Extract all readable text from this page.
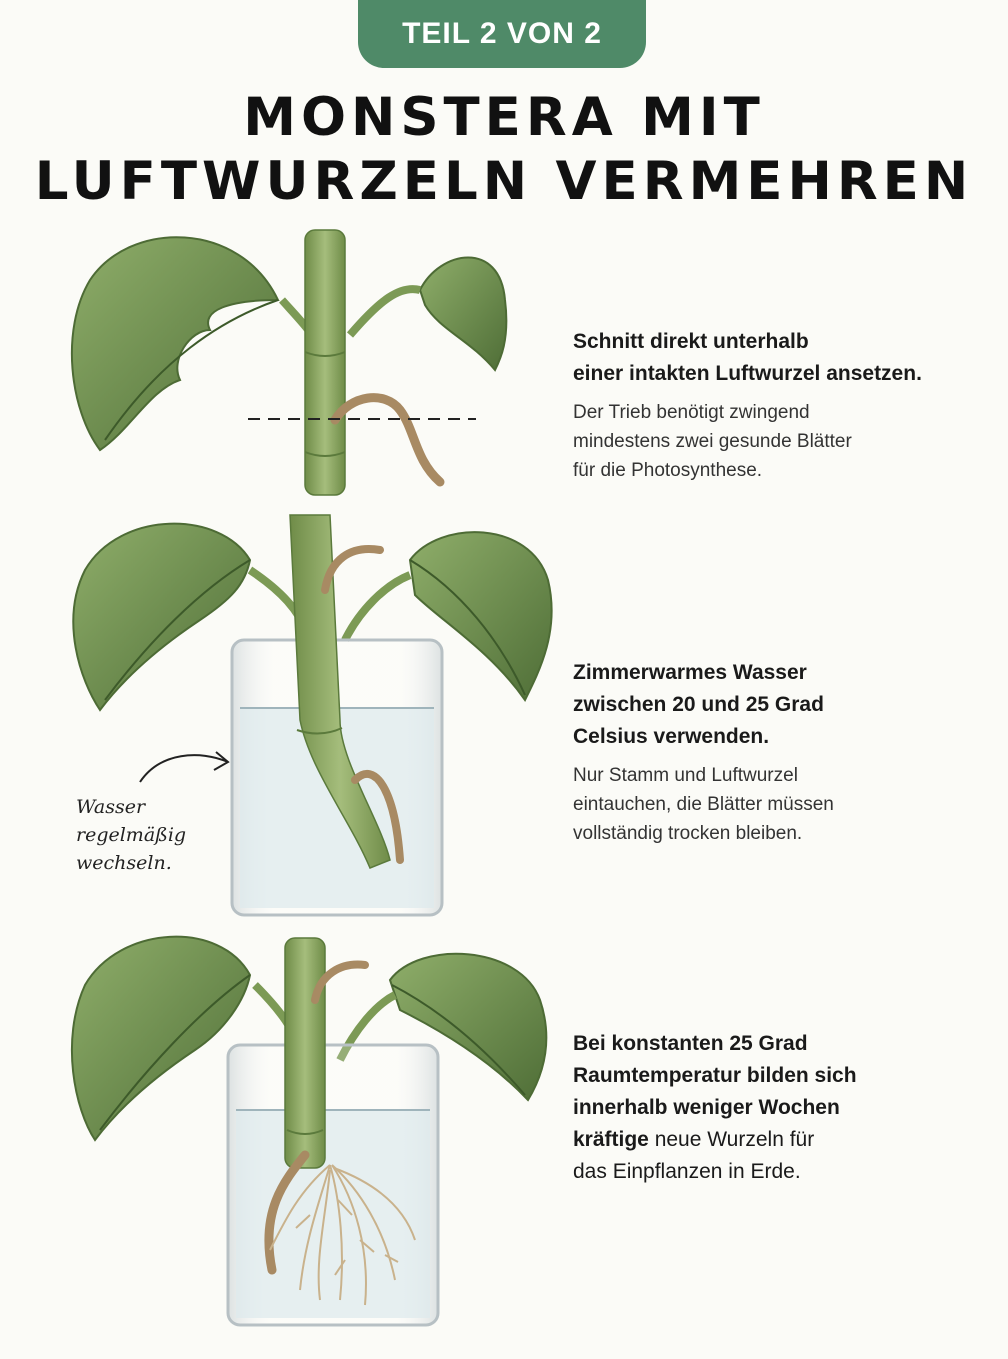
TEIL 2 VON 2
MONSTERA MIT
LUFTWURZELN VERMEHREN
Schnitt direkt unterhalb
einer intakten Luftwurzel ansetzen.
Der Trieb benötigt zwingend
mindestens zwei gesunde Blätter
für die Photosynthese.
Zimmerwarmes Wasser
zwischen 20 und 25 Grad
Celsius verwenden.
Nur Stamm und Luftwurzel
eintauchen, die Blätter müssen
vollständig trocken bleiben.
Bei konstanten 25 Grad
Raumtemperatur bilden sich
innerhalb weniger Wochen
kräftige neue Wurzeln für
das Einpflanzen in Erde.
Wasser
regelmäßig
wechseln.
